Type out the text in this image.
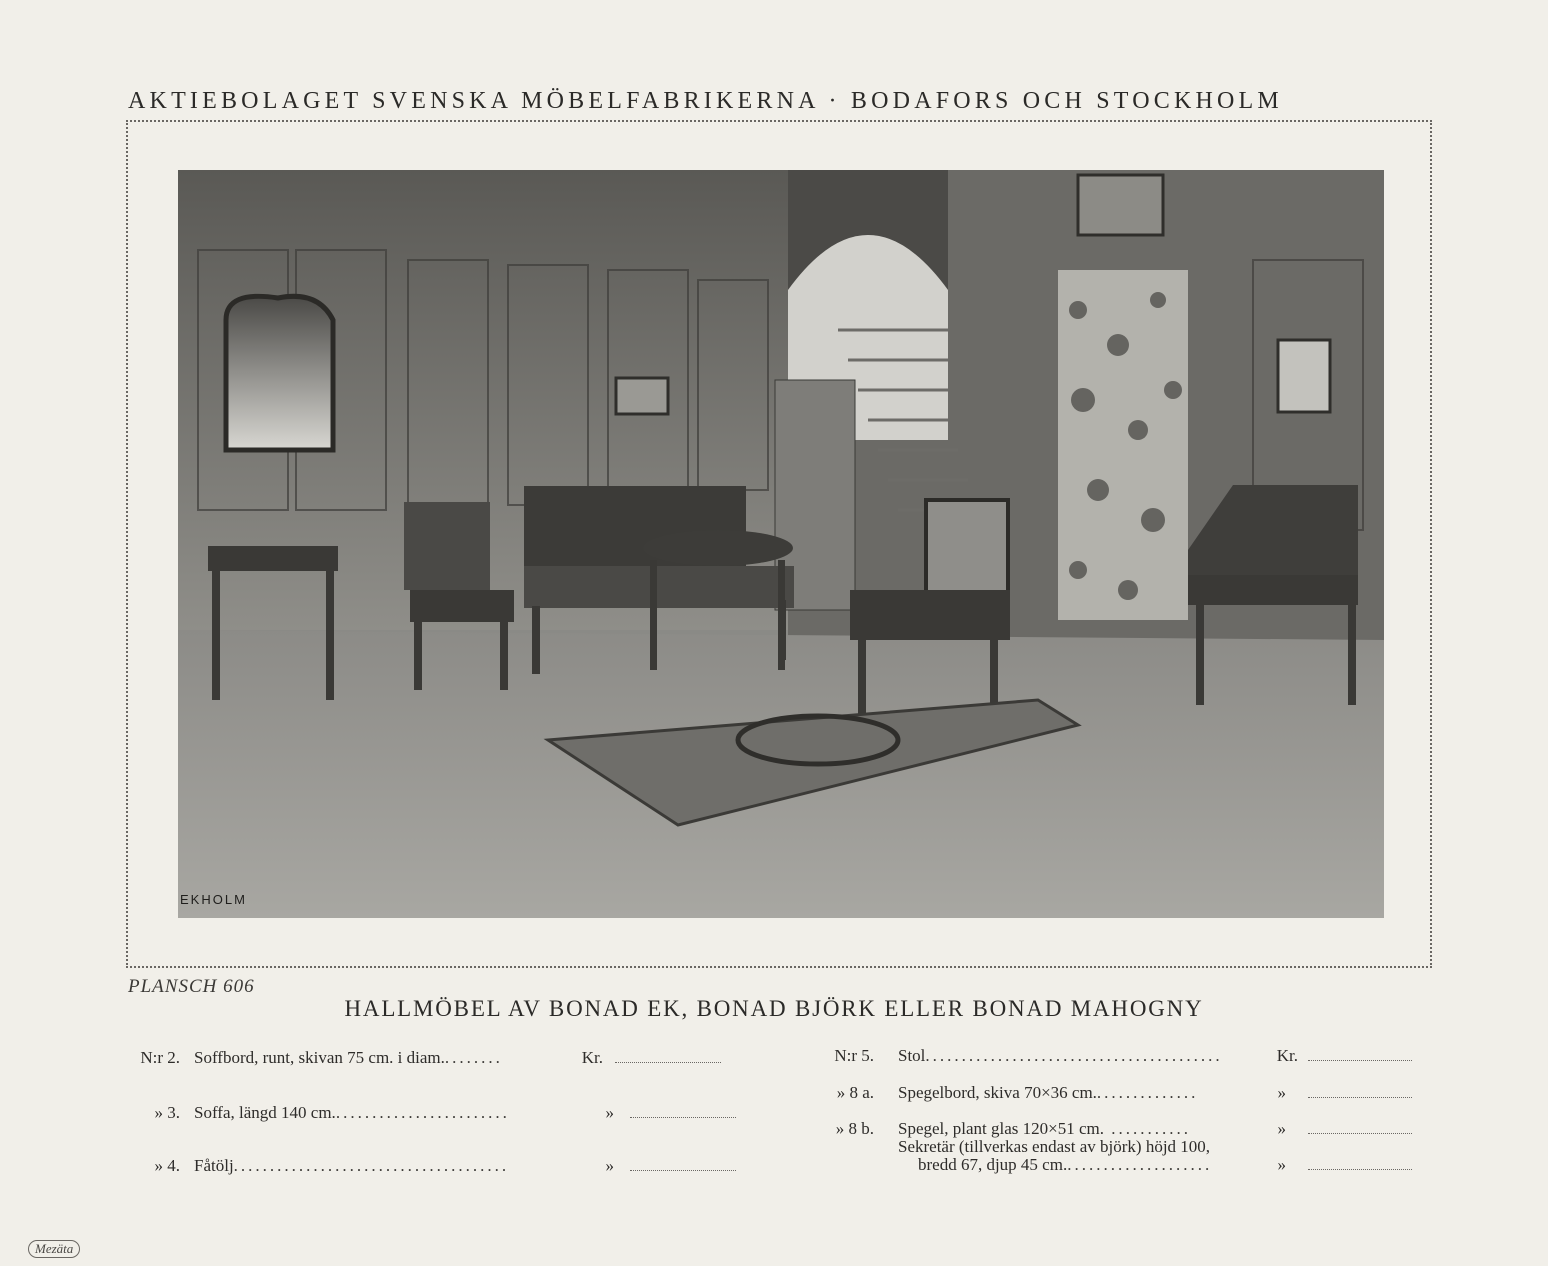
AKTIEBOLAGET SVENSKA MÖBELFABRIKERNA · BODAFORS OCH STOCKHOLM
EKHOLM
PLANSCH 606
HALLMÖBEL AV BONAD EK, BONAD BJÖRK ELLER BONAD MAHOGNY
N:r 2. Soffbord, runt, skivan 75 cm. i diam.........	Kr.
» 3. Soffa, längd 140 cm.........................	»
» 4. Fåtölj......................................	»
N:r 5. Stol.........................................	Kr.
» 8 a. Spegelbord, skiva 70×36 cm...............	»
» 8 b. Spegel, plant glas 120×51 cm. ...........	»
Sekretär (tillverkas endast av björk) höjd 100,
bredd 67, djup 45 cm.....................	»
Mezäta
